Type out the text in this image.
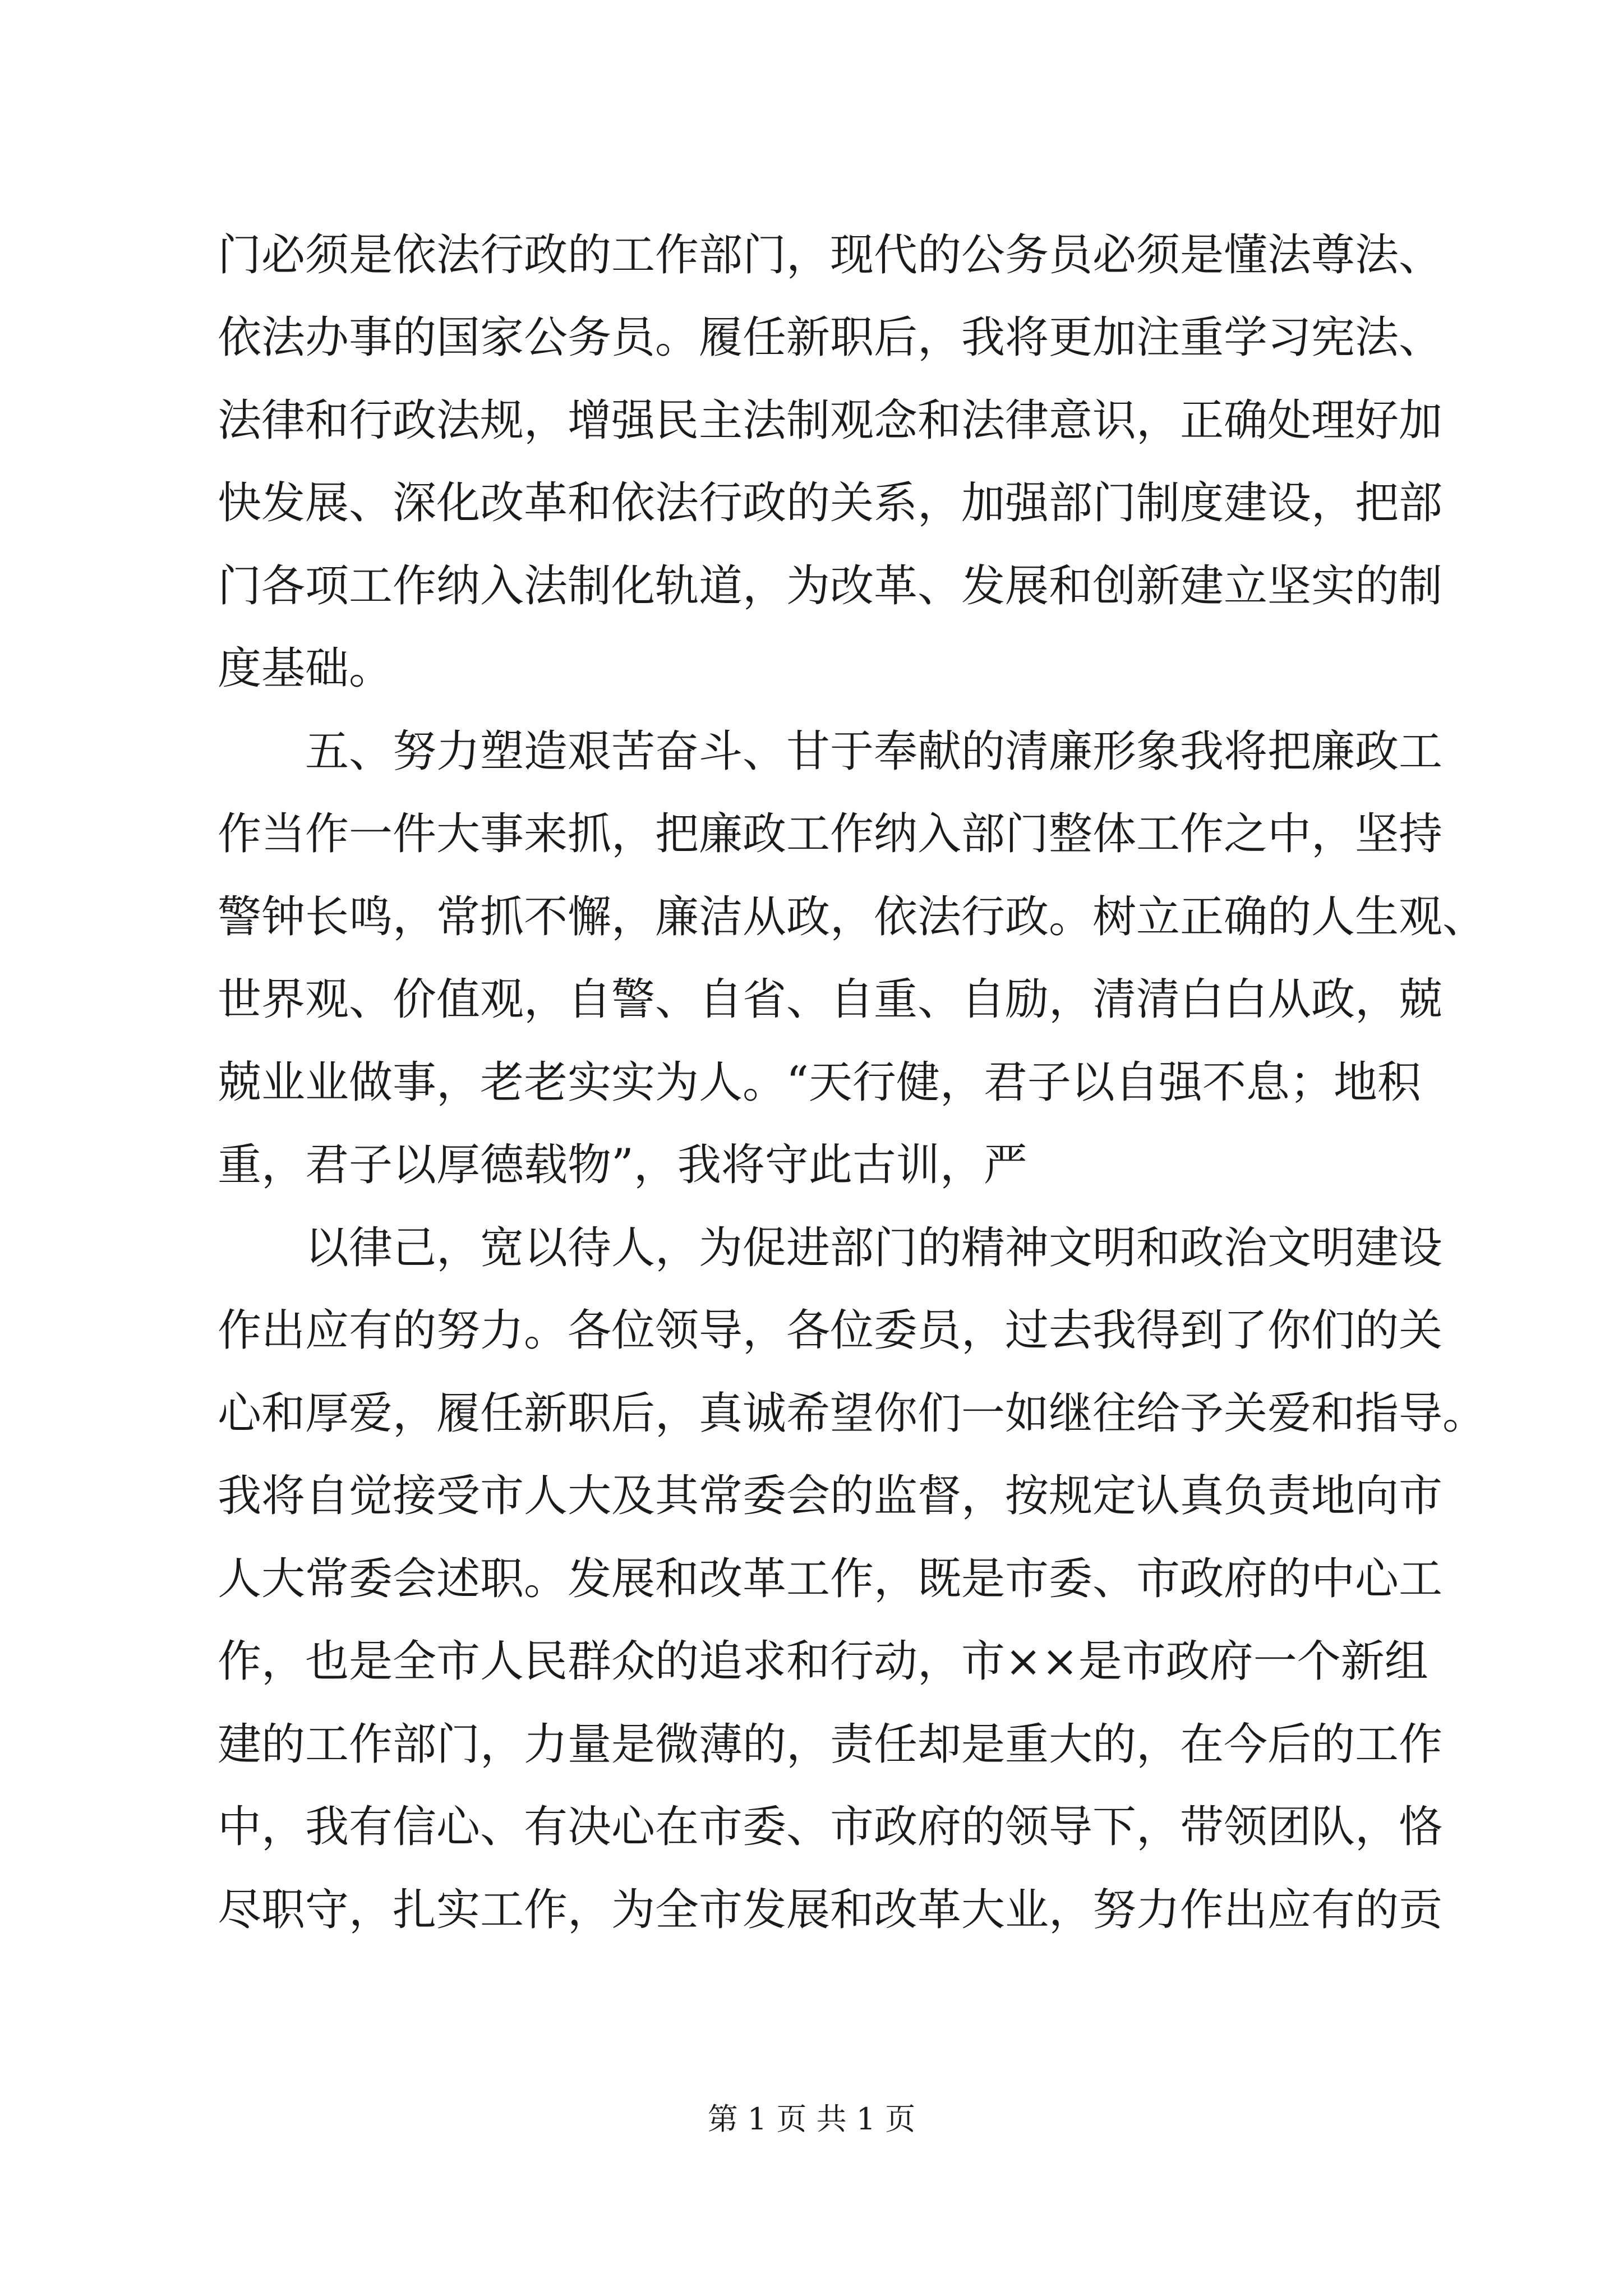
门必须是依法行政的工作部门，现代的公务员必须是懂法尊法、
依法办事的国家公务员。履任新职后，我将更加注重学习宪法、
法律和行政法规，增强民主法制观念和法律意识，正确处理好加
快发展、深化改革和依法行政的关系，加强部门制度建设，把部
门各项工作纳入法制化轨道，为改革、发展和创新建立坚实的制
度基础。
五、努力塑造艰苦奋斗、甘于奉献的清廉形象我将把廉政工
作当作一件大事来抓，把廉政工作纳入部门整体工作之中，坚持
警钟长鸣，常抓不懈，廉洁从政，依法行政。树立正确的人生观、
世界观、价值观，自警、自省、自重、自励，清清白白从政，兢
兢业业做事，老老实实为人。“天行健，君子以自强不息；地积
重，君子以厚德载物”，我将守此古训，严
以律己，宽以待人，为促进部门的精神文明和政治文明建设
作出应有的努力。各位领导，各位委员，过去我得到了你们的关
心和厚爱，履任新职后，真诚希望你们一如继往给予关爱和指导。
我将自觉接受市人大及其常委会的监督，按规定认真负责地向市
人大常委会述职。发展和改革工作，既是市委、市政府的中心工
作，也是全市人民群众的追求和行动，市××是市政府一个新组
建的工作部门，力量是微薄的，责任却是重大的，在今后的工作
中，我有信心、有决心在市委、市政府的领导下，带领团队，恪
尽职守，扎实工作，为全市发展和改革大业，努力作出应有的贡
第 1 页 共 1 页
